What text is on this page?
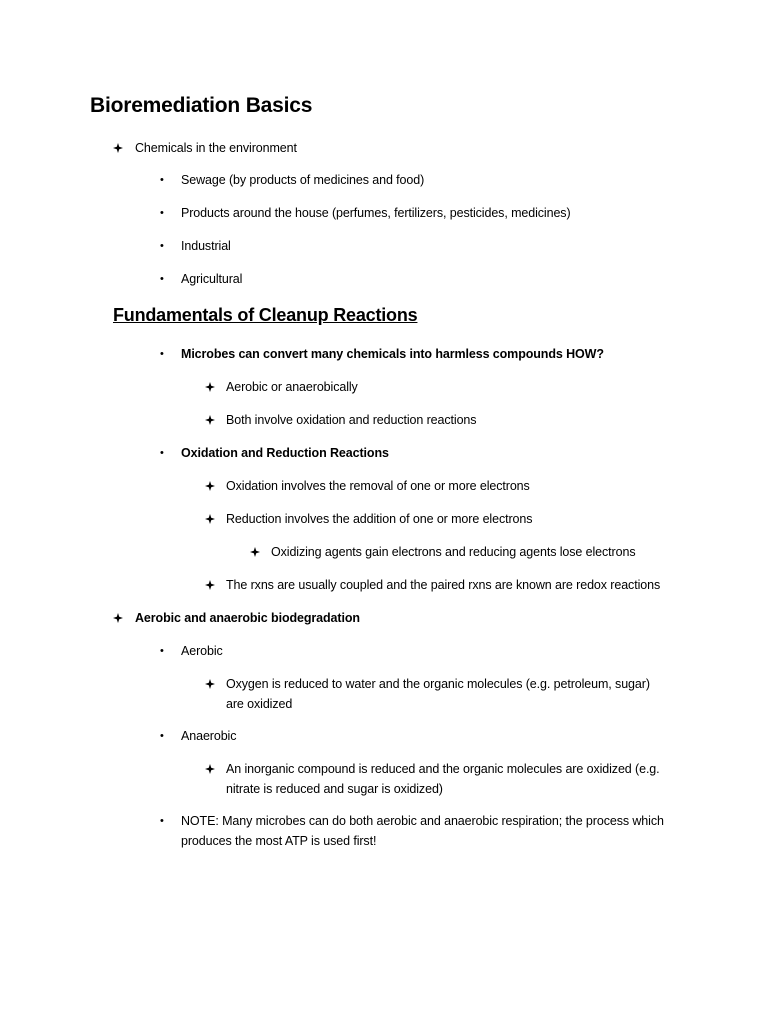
Bioremediation Basics
Chemicals in the environment
• Sewage (by products of medicines and food)
• Products around the house (perfumes, fertilizers, pesticides, medicines)
• Industrial
• Agricultural
Fundamentals of Cleanup Reactions
• Microbes can convert many chemicals into harmless compounds HOW?
Aerobic or anaerobically
Both involve oxidation and reduction reactions
• Oxidation and Reduction Reactions
Oxidation involves the removal of one or more electrons
Reduction involves the addition of one or more electrons
Oxidizing agents gain electrons and reducing agents lose electrons
The rxns are usually coupled and the paired rxns are known are redox reactions
Aerobic and anaerobic biodegradation
• Aerobic
Oxygen is reduced to water and the organic molecules (e.g. petroleum, sugar)
are oxidized
• Anaerobic
An inorganic compound is reduced and the organic molecules are oxidized (e.g.
nitrate is reduced and sugar is oxidized)
• NOTE: Many microbes can do both aerobic and anaerobic respiration; the process which
produces the most ATP is used first!
